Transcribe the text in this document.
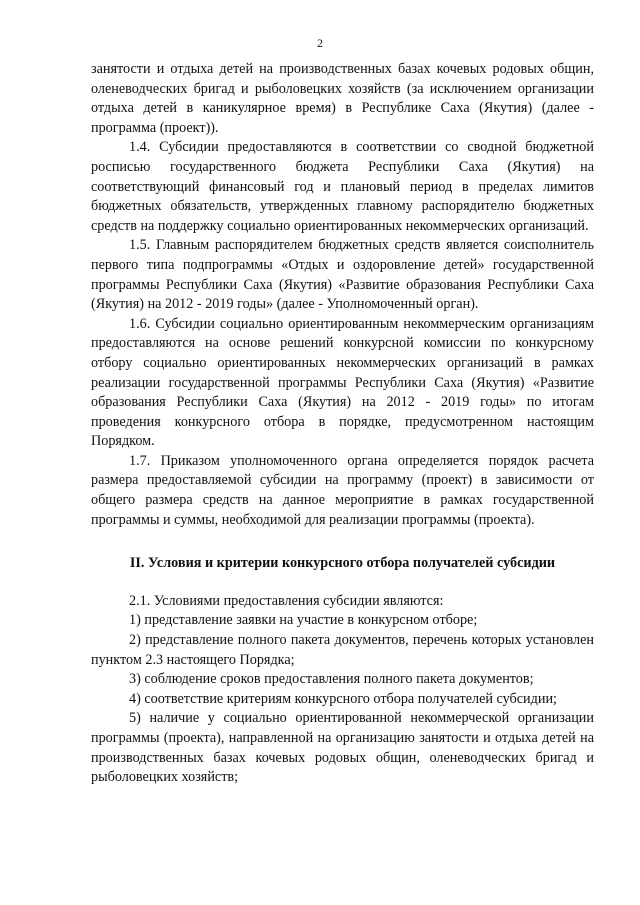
2

занятости и отдыха детей на производственных базах кочевых родовых общин, оленеводческих бригад и рыболовецких хозяйств (за исключением организации отдыха детей в каникулярное время) в Республике Саха (Якутия) (далее - программа (проект)).

1.4. Субсидии предоставляются в соответствии со сводной бюджетной росписью государственного бюджета Республики Саха (Якутия) на соответствующий финансовый год и плановый период в пределах лимитов бюджетных обязательств, утвержденных главному распорядителю бюджетных средств на поддержку социально ориентированных некоммерческих организаций.

1.5. Главным распорядителем бюджетных средств является соисполнитель первого типа подпрограммы «Отдых и оздоровление детей» государственной программы Республики Саха (Якутия) «Развитие образования Республики Саха (Якутия) на 2012 - 2019 годы» (далее - Уполномоченный орган).

1.6. Субсидии социально ориентированным некоммерческим организациям предоставляются на основе решений конкурсной комиссии по конкурсному отбору социально ориентированных некоммерческих организаций в рамках реализации государственной программы Республики Саха (Якутия) «Развитие образования Республики Саха (Якутия) на 2012 - 2019 годы» по итогам проведения конкурсного отбора в порядке, предусмотренном настоящим Порядком.

1.7. Приказом уполномоченного органа определяется порядок расчета размера предоставляемой субсидии на программу (проект) в зависимости от общего размера средств на данное мероприятие в рамках государственной программы и суммы, необходимой для реализации программы (проекта).

II. Условия и критерии конкурсного отбора получателей субсидии

2.1. Условиями предоставления субсидии являются:

1) представление заявки на участие в конкурсном отборе;

2) представление полного пакета документов, перечень которых установлен пунктом 2.3 настоящего Порядка;

3) соблюдение сроков предоставления полного пакета документов;

4) соответствие критериям конкурсного отбора получателей субсидии;

5) наличие у социально ориентированной некоммерческой организации программы (проекта), направленной на организацию занятости и отдыха детей на производственных базах кочевых родовых общин, оленеводческих бригад и рыболовецких хозяйств;
